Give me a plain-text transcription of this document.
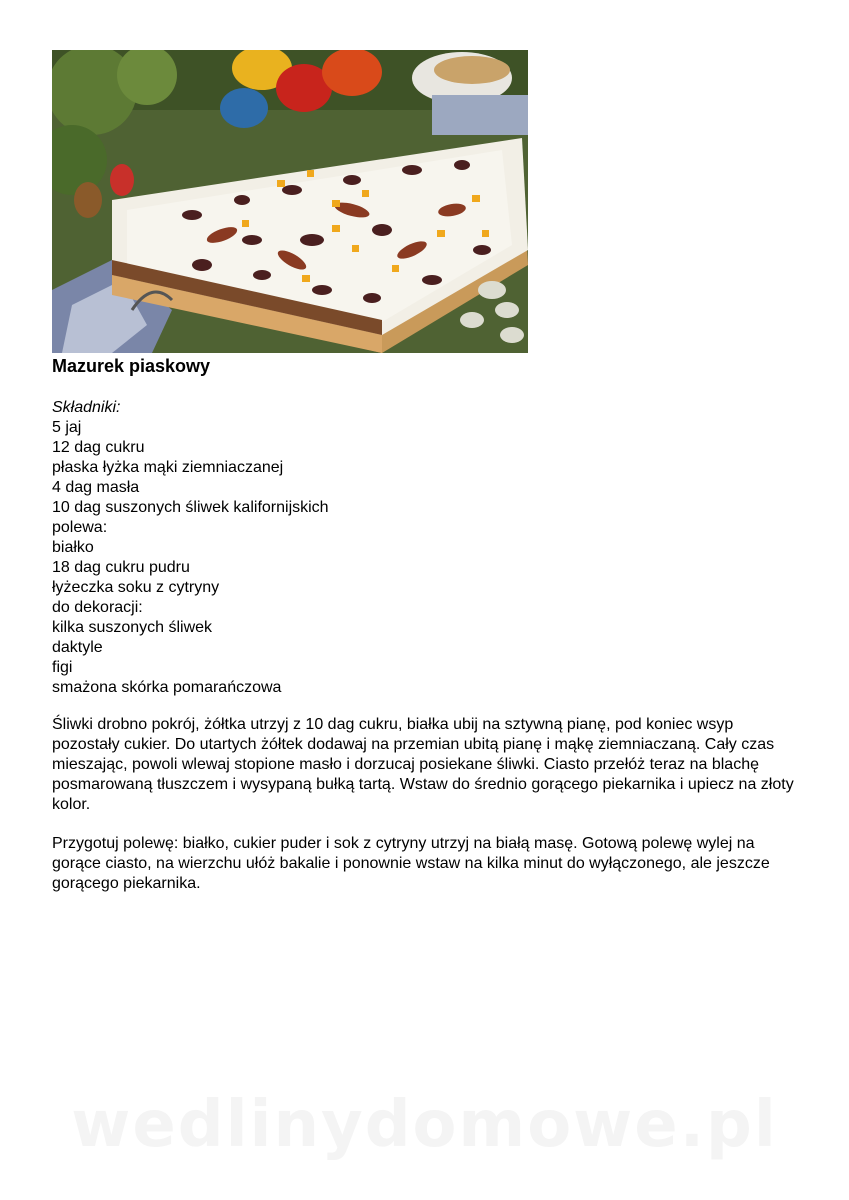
Mazurek piaskowy
Składniki:
5 jaj
12 dag cukru
płaska łyżka mąki ziemniaczanej
4 dag masła
10 dag suszonych śliwek kalifornijskich
polewa:
białko
18 dag cukru pudru
łyżeczka soku z cytryny
do dekoracji:
kilka suszonych śliwek
daktyle
figi
smażona skórka pomarańczowa

Śliwki drobno pokrój, żółtka utrzyj z 10 dag cukru, białka ubij na sztywną pianę, pod koniec wsyp pozostały cukier. Do utartych żółtek dodawaj na przemian ubitą pianę i mąkę ziemniaczaną. Cały czas mieszając, powoli wlewaj stopione masło i dorzucaj posiekane śliwki. Ciasto przełóż teraz na blachę posmarowaną tłuszczem i wysypaną bułką tartą. Wstaw do średnio gorącego piekarnika i upiecz na złoty kolor.

Przygotuj polewę: białko, cukier puder i sok z cytryny utrzyj na białą masę. Gotową polewę wylej na gorące ciasto, na wierzchu ułóż bakalie i ponownie wstaw na kilka minut do wyłączonego, ale jeszcze gorącego piekarnika.

wedlinydomowe.pl
